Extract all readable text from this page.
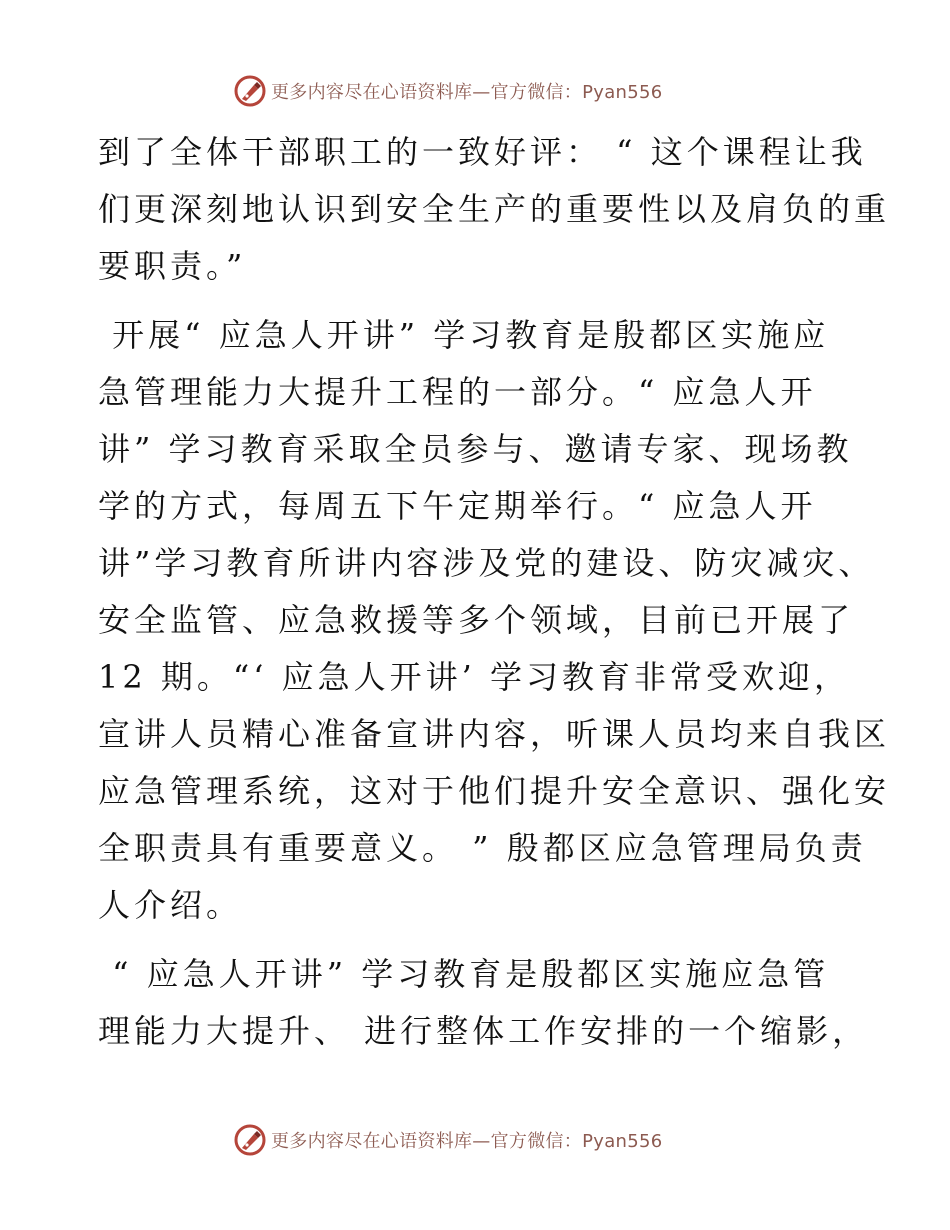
更多内容尽在心语资料库—官方微信：Pyan556

到了全体干部职工的一致好评： “ 这个课程让我
们更深刻地认识到安全生产的重要性以及肩负的重
要职责。”

开展“ 应急人开讲” 学习教育是殷都区实施应
急管理能力大提升工程的一部分。“ 应急人开
讲” 学习教育采取全员参与、邀请专家、现场教
学的方式，每周五下午定期举行。“ 应急人开
讲”学习教育所讲内容涉及党的建设、防灾减灾、
安全监管、应急救援等多个领域，目前已开展了
12 期。“‘ 应急人开讲’ 学习教育非常受欢迎，
宣讲人员精心准备宣讲内容，听课人员均来自我区
应急管理系统，这对于他们提升安全意识、强化安
全职责具有重要意义。 ” 殷都区应急管理局负责
人介绍。

“ 应急人开讲” 学习教育是殷都区实施应急管
理能力大提升、 进行整体工作安排的一个缩影，

更多内容尽在心语资料库—官方微信：Pyan556
